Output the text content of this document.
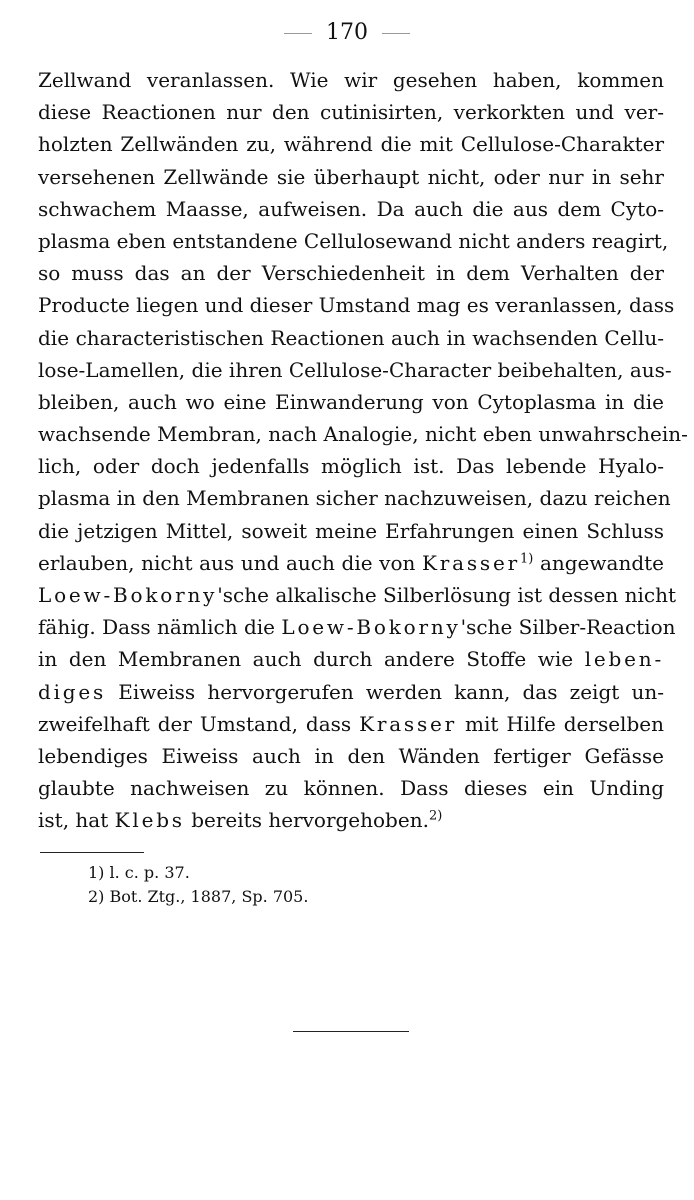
170
Zellwand veranlassen. Wie wir gesehen haben, kommen
diese Reactionen nur den cutinisirten, verkorkten und ver-
holzten Zellwänden zu, während die mit Cellulose-Charakter
versehenen Zellwände sie überhaupt nicht, oder nur in sehr
schwachem Maasse, aufweisen. Da auch die aus dem Cyto-
plasma eben entstandene Cellulosewand nicht anders reagirt,
so muss das an der Verschiedenheit in dem Verhalten der
Producte liegen und dieser Umstand mag es veranlassen, dass
die characteristischen Reactionen auch in wachsenden Cellu-
lose-Lamellen, die ihren Cellulose-Character beibehalten, aus-
bleiben, auch wo eine Einwanderung von Cytoplasma in die
wachsende Membran, nach Analogie, nicht eben unwahrschein-
lich, oder doch jedenfalls möglich ist. Das lebende Hyalo-
plasma in den Membranen sicher nachzuweisen, dazu reichen
die jetzigen Mittel, soweit meine Erfahrungen einen Schluss
erlauben, nicht aus und auch die von Krasser$^{1)}$ angewandte
Loew-Bokorny'sche alkalische Silberlösung ist dessen nicht
fähig. Dass nämlich die Loew-Bokorny'sche Silber-Reaction
in den Membranen auch durch andere Stoffe wie leben-
diges Eiweiss hervorgerufen werden kann, das zeigt un-
zweifelhaft der Umstand, dass Krasser mit Hilfe derselben
lebendiges Eiweiss auch in den Wänden fertiger Gefässe
glaubte nachweisen zu können. Dass dieses ein Unding
ist, hat Klebs bereits hervorgehoben.$^{2)}$
1) l. c. p. 37.
2) Bot. Ztg., 1887, Sp. 705.
